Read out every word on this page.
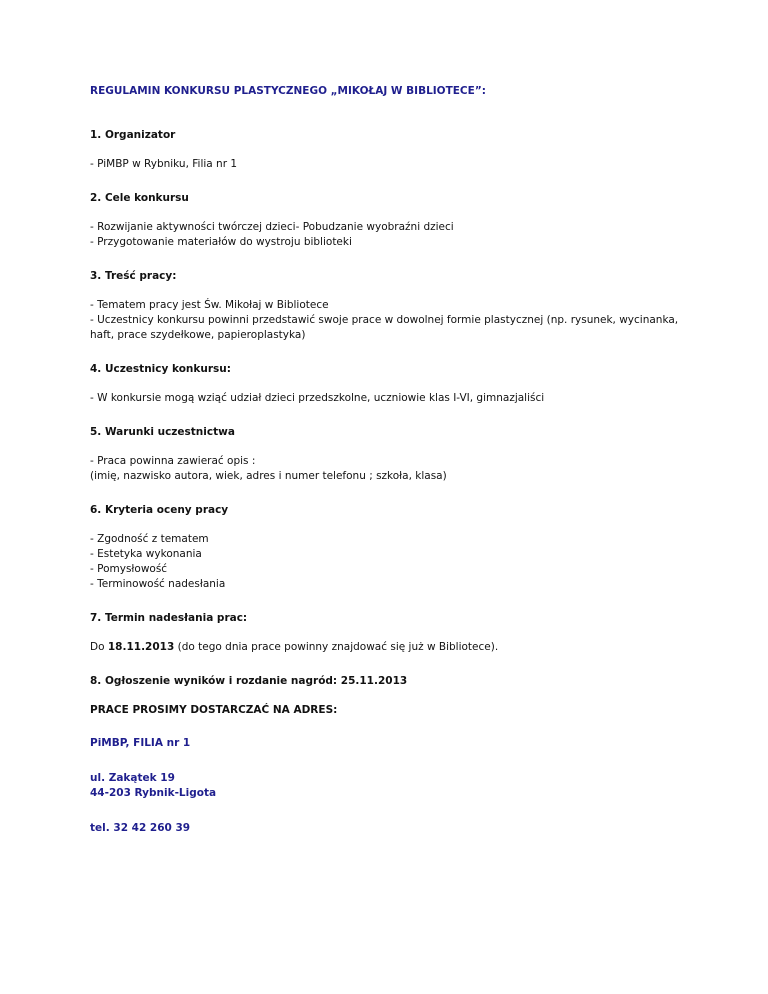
REGULAMIN KONKURSU PLASTYCZNEGO „MIKOŁAJ W BIBLIOTECE”:

1. Organizator

- PiMBP w Rybniku, Filia nr 1

2. Cele konkursu

- Rozwijanie aktywności twórczej dzieci- Pobudzanie wyobraźni dzieci
- Przygotowanie materiałów do wystroju biblioteki

3. Treść pracy:

- Tematem pracy jest Św. Mikołaj w Bibliotece
- Uczestnicy konkursu powinni przedstawić swoje prace w dowolnej formie plastycznej (np. rysunek, wycinanka, haft, prace szydełkowe, papieroplastyka)

4. Uczestnicy konkursu:

- W konkursie mogą wziąć udział dzieci przedszkolne, uczniowie klas I-VI, gimnazjaliści

5. Warunki uczestnictwa

- Praca powinna zawierać opis :
(imię, nazwisko autora, wiek, adres i numer telefonu ; szkoła, klasa)

6. Kryteria oceny pracy

- Zgodność z tematem
- Estetyka wykonania
- Pomysłowość
- Terminowość nadesłania

7. Termin nadesłania prac:

Do 18.11.2013 (do tego dnia prace powinny znajdować się już w Bibliotece).

8. Ogłoszenie wyników i rozdanie nagród: 25.11.2013

PRACE PROSIMY DOSTARCZAĆ NA ADRES:

PiMBP, FILIA nr 1

ul. Zakątek 19
44-203 Rybnik-Ligota

tel. 32 42 260 39
